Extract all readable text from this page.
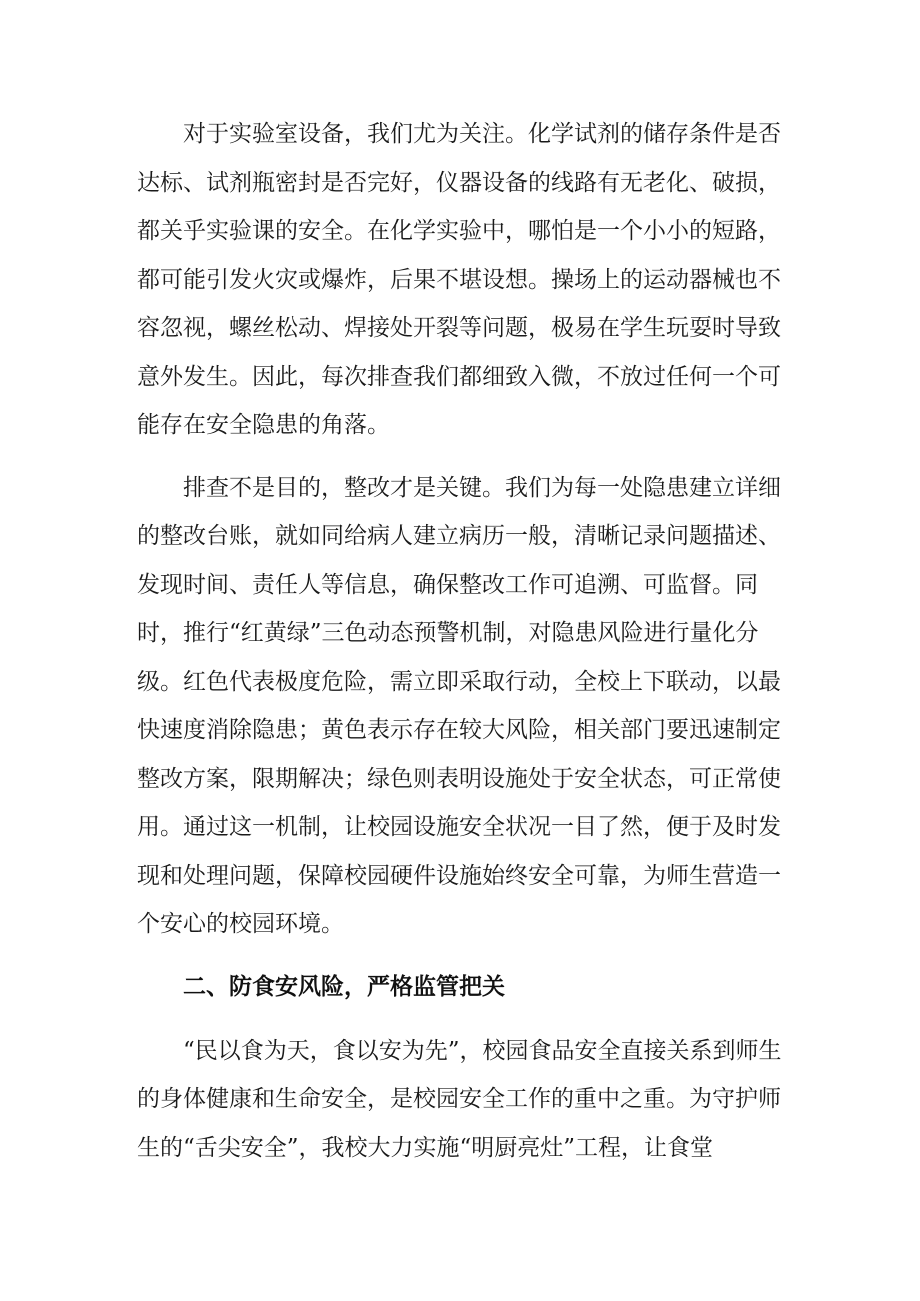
对于实验室设备，我们尤为关注。化学试剂的储存条件是否达标、试剂瓶密封是否完好，仪器设备的线路有无老化、破损，都关乎实验课的安全。在化学实验中，哪怕是一个小小的短路，都可能引发火灾或爆炸，后果不堪设想。操场上的运动器械也不容忽视，螺丝松动、焊接处开裂等问题，极易在学生玩耍时导致意外发生。因此，每次排查我们都细致入微，不放过任何一个可能存在安全隐患的角落。

排查不是目的，整改才是关键。我们为每一处隐患建立详细的整改台账，就如同给病人建立病历一般，清晰记录问题描述、发现时间、责任人等信息，确保整改工作可追溯、可监督。同时，推行“红黄绿”三色动态预警机制，对隐患风险进行量化分级。红色代表极度危险，需立即采取行动，全校上下联动，以最快速度消除隐患；黄色表示存在较大风险，相关部门要迅速制定整改方案，限期解决；绿色则表明设施处于安全状态，可正常使用。通过这一机制，让校园设施安全状况一目了然，便于及时发现和处理问题，保障校园硬件设施始终安全可靠，为师生营造一个安心的校园环境。

二、防食安风险，严格监管把关

“民以食为天，食以安为先”，校园食品安全直接关系到师生的身体健康和生命安全，是校园安全工作的重中之重。为守护师生的“舌尖安全”，我校大力实施“明厨亮灶”工程，让食堂
